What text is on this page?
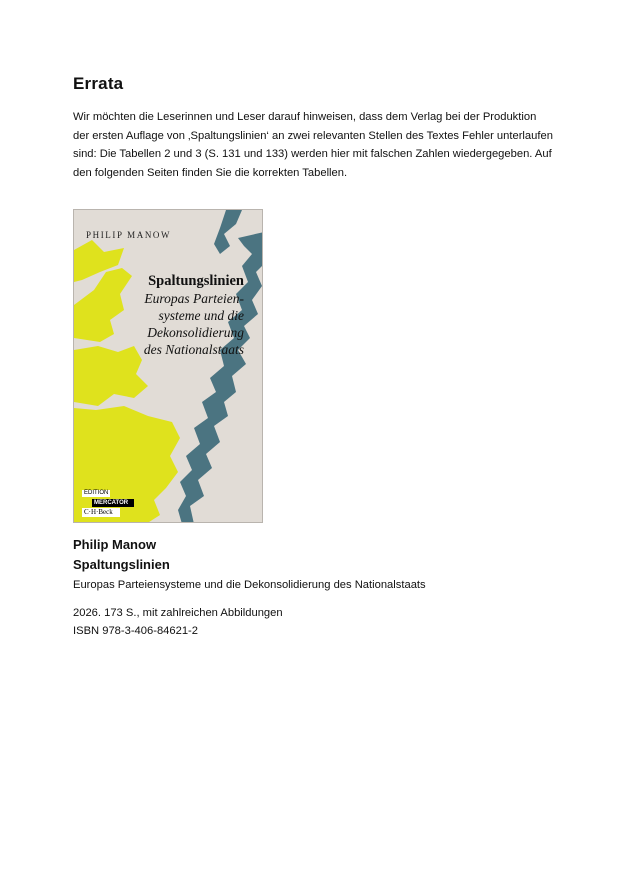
Errata

Wir möchten die Leserinnen und Leser darauf hinweisen, dass dem Verlag bei der Produktion der ersten Auflage von ‚Spaltungslinien‘ an zwei relevanten Stellen des Textes Fehler unterlaufen sind: Die Tabellen 2 und 3 (S. 131 und 133) werden hier mit falschen Zahlen wiedergegeben. Auf den folgenden Seiten finden Sie die korrekten Tabellen.

PHILIP MANOW
Spaltungslinien
Europas Parteien-
systeme und die
Dekonsolidierung
des Nationalstaats
EDITION
MERCATOR
C·H·Beck
Philip Manow
Spaltungslinien

Europas Parteiensysteme und die Dekonsolidierung des Nationalstaats

2026. 173 S., mit zahlreichen Abbildungen
ISBN 978-3-406-84621-2
